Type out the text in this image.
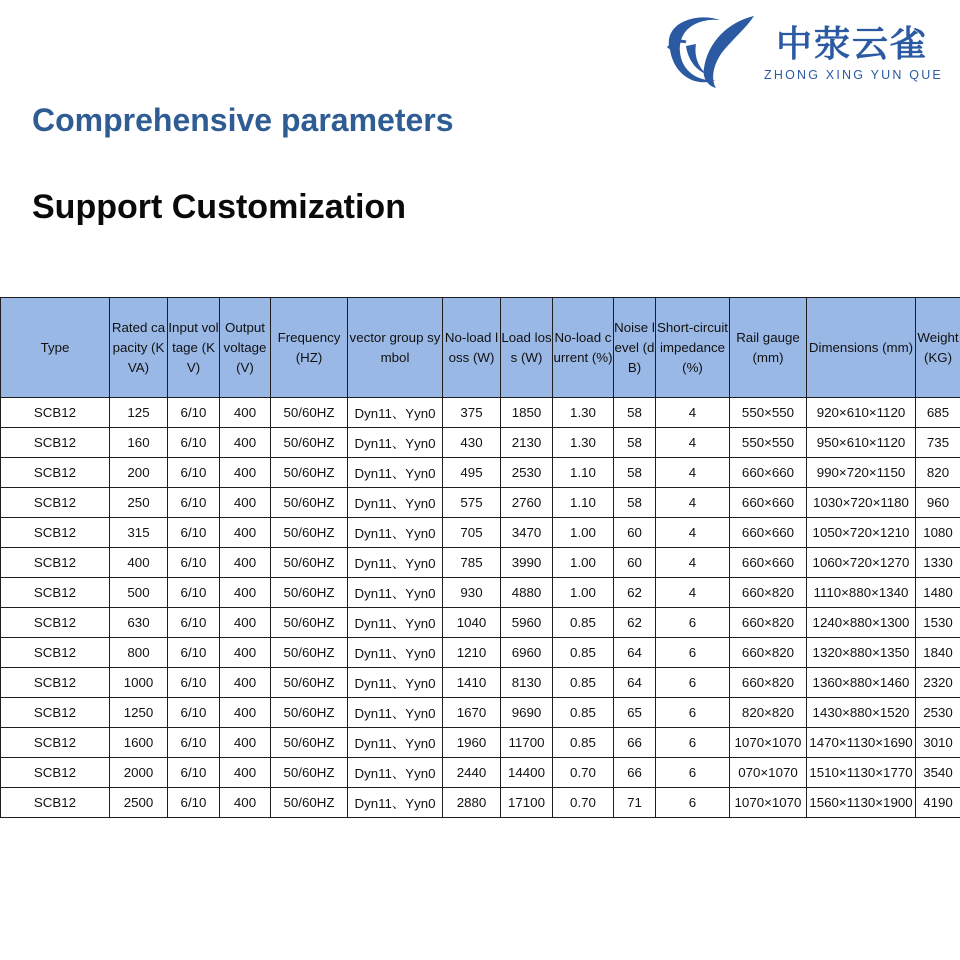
中荥云雀
ZHONG XING YUN QUE
Comprehensive parameters
Support Customization
Type	Rated capacity (KVA)	Input voltage (KV)	Output voltage (V)	Frequency (HZ)	vector group symbol	No-load loss (W)	Load loss (W)	No-load current (%)	Noise level (dB)	Short-circuit impedance (%)	Rail gauge (mm)	Dimensions (mm)	Weight (KG)
SCB12	125	6/10	400	50/60HZ	Dyn11、Yyn0	375	1850	1.30	58	4	550×550	920×610×1120	685
SCB12	160	6/10	400	50/60HZ	Dyn11、Yyn0	430	2130	1.30	58	4	550×550	950×610×1120	735
SCB12	200	6/10	400	50/60HZ	Dyn11、Yyn0	495	2530	1.10	58	4	660×660	990×720×1150	820
SCB12	250	6/10	400	50/60HZ	Dyn11、Yyn0	575	2760	1.10	58	4	660×660	1030×720×1180	960
SCB12	315	6/10	400	50/60HZ	Dyn11、Yyn0	705	3470	1.00	60	4	660×660	1050×720×1210	1080
SCB12	400	6/10	400	50/60HZ	Dyn11、Yyn0	785	3990	1.00	60	4	660×660	1060×720×1270	1330
SCB12	500	6/10	400	50/60HZ	Dyn11、Yyn0	930	4880	1.00	62	4	660×820	1110×880×1340	1480
SCB12	630	6/10	400	50/60HZ	Dyn11、Yyn0	1040	5960	0.85	62	6	660×820	1240×880×1300	1530
SCB12	800	6/10	400	50/60HZ	Dyn11、Yyn0	1210	6960	0.85	64	6	660×820	1320×880×1350	1840
SCB12	1000	6/10	400	50/60HZ	Dyn11、Yyn0	1410	8130	0.85	64	6	660×820	1360×880×1460	2320
SCB12	1250	6/10	400	50/60HZ	Dyn11、Yyn0	1670	9690	0.85	65	6	820×820	1430×880×1520	2530
SCB12	1600	6/10	400	50/60HZ	Dyn11、Yyn0	1960	11700	0.85	66	6	1070×1070	1470×1130×1690	3010
SCB12	2000	6/10	400	50/60HZ	Dyn11、Yyn0	2440	14400	0.70	66	6	070×1070	1510×1130×1770	3540
SCB12	2500	6/10	400	50/60HZ	Dyn11、Yyn0	2880	17100	0.70	71	6	1070×1070	1560×1130×1900	4190
